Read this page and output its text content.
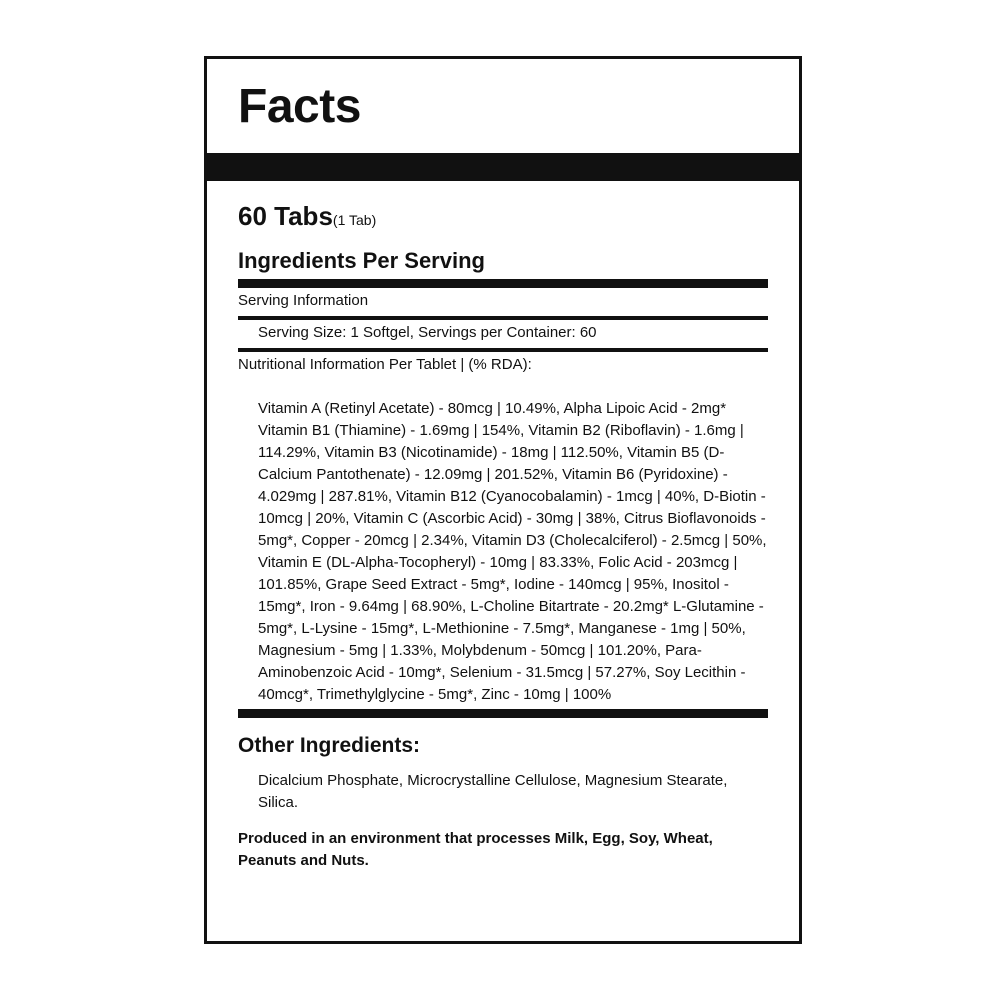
Facts
60 Tabs(1 Tab)
Ingredients Per Serving
Serving Information
Serving Size: 1 Softgel, Servings per Container: 60
Nutritional Information Per Tablet | (% RDA):
Vitamin A (Retinyl Acetate) - 80mcg | 10.49%, Alpha Lipoic Acid - 2mg* Vitamin B1 (Thiamine) - 1.69mg | 154%, Vitamin B2 (Riboflavin) - 1.6mg | 114.29%, Vitamin B3 (Nicotinamide) - 18mg | 112.50%, Vitamin B5 (D-Calcium Pantothenate) - 12.09mg | 201.52%, Vitamin B6 (Pyridoxine) - 4.029mg | 287.81%, Vitamin B12 (Cyanocobalamin) - 1mcg | 40%, D-Biotin - 10mcg | 20%, Vitamin C (Ascorbic Acid) - 30mg | 38%, Citrus Bioflavonoids - 5mg*, Copper - 20mcg | 2.34%, Vitamin D3 (Cholecalciferol) - 2.5mcg | 50%, Vitamin E (DL-Alpha-Tocopheryl) - 10mg | 83.33%, Folic Acid - 203mcg | 101.85%, Grape Seed Extract - 5mg*, Iodine - 140mcg | 95%, Inositol - 15mg*, Iron - 9.64mg | 68.90%, L-Choline Bitartrate - 20.2mg* L-Glutamine - 5mg*, L-Lysine - 15mg*, L-Methionine - 7.5mg*, Manganese - 1mg | 50%, Magnesium - 5mg | 1.33%, Molybdenum - 50mcg | 101.20%, Para-Aminobenzoic Acid - 10mg*, Selenium - 31.5mcg | 57.27%, Soy Lecithin - 40mcg*, Trimethylglycine - 5mg*, Zinc - 10mg | 100%
Other Ingredients:
Dicalcium Phosphate, Microcrystalline Cellulose, Magnesium Stearate, Silica.
Produced in an environment that processes Milk, Egg, Soy, Wheat, Peanuts and Nuts.
